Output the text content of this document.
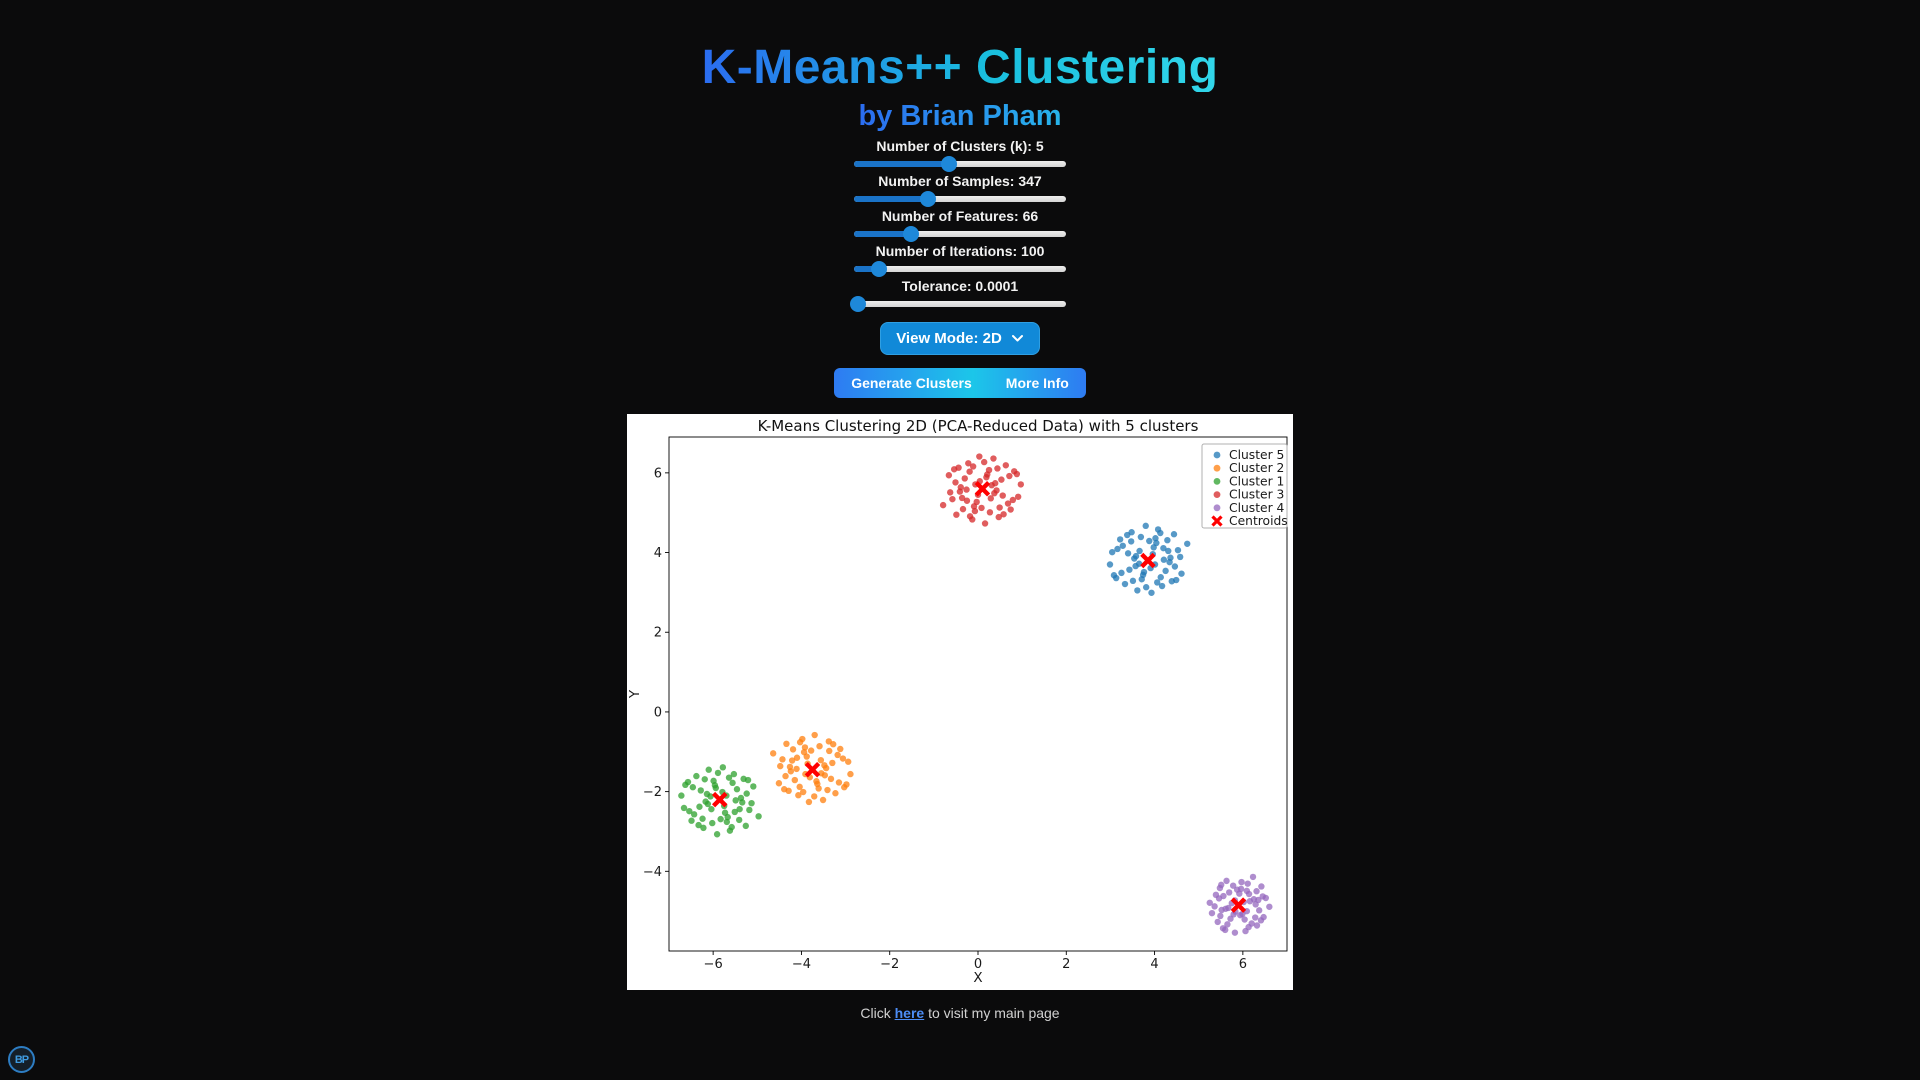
K-Means++ Clustering
by Brian Pham
Number of Clusters (k): 5
Number of Samples: 347
Number of Features: 66
Number of Iterations: 100
Tolerance: 0.0001
View Mode: 2D
Generate Clusters	More Info
K-Means Clustering 2D (PCA-Reduced Data) with 5 clusters
−6	−4	−2	0	2	4	6
X
−4
−2
0
2
4
6
Y
Cluster 5
Cluster 2
Cluster 1
Cluster 3
Cluster 4
Centroids
Click here to visit my main page
BP
